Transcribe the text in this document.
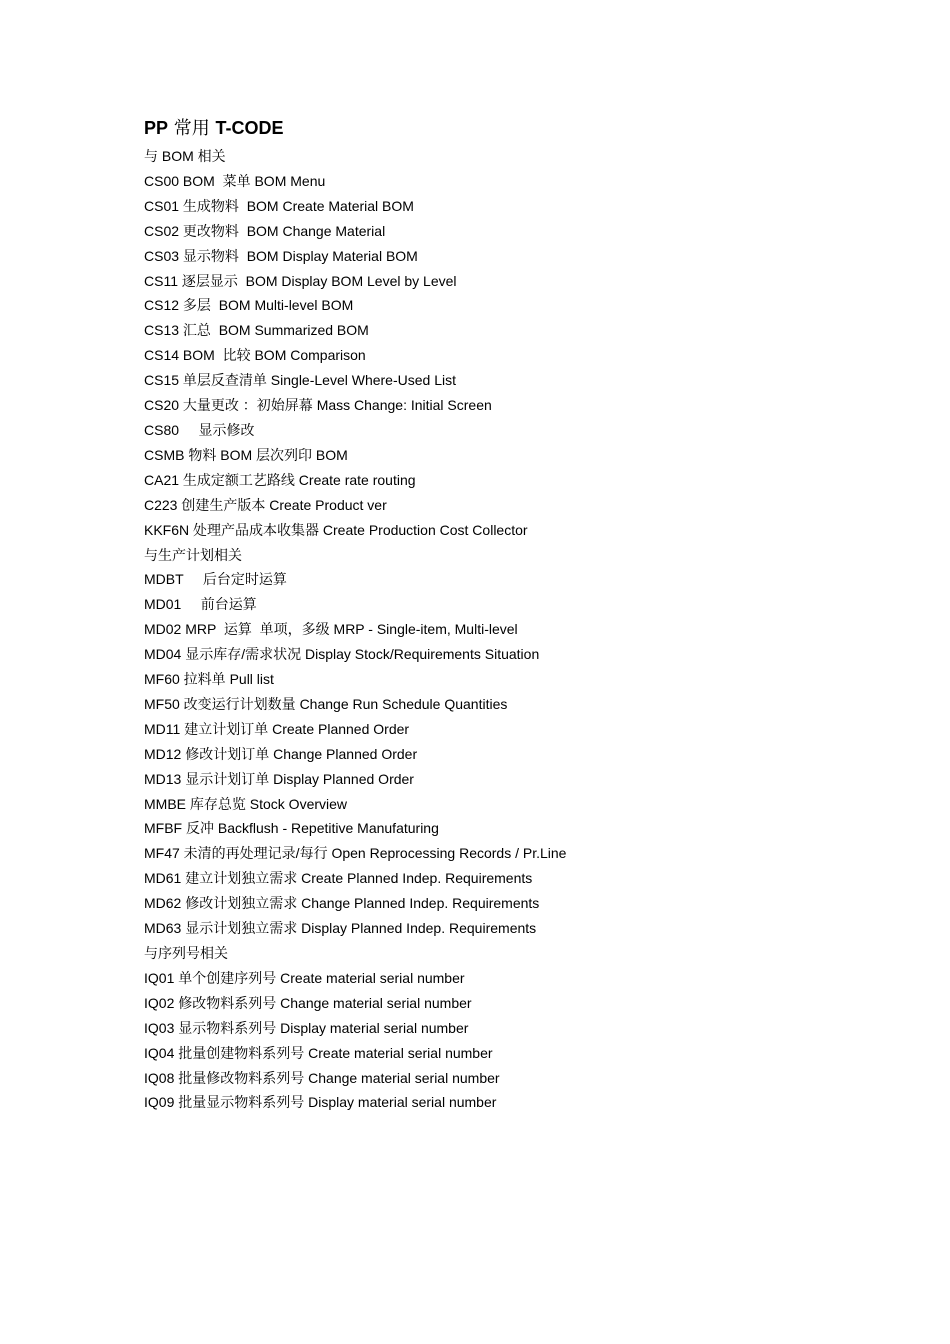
PP 常用 T-CODE
与 BOM 相关
CS00 BOM  菜单 BOM Menu
CS01 生成物料  BOM Create Material BOM
CS02 更改物料  BOM Change Material
CS03 显示物料  BOM Display Material BOM
CS11 逐层显示  BOM Display BOM Level by Level
CS12 多层  BOM Multi-level BOM
CS13 汇总  BOM Summarized BOM
CS14 BOM  比较 BOM Comparison
CS15 单层反查清单 Single-Level Where-Used List
CS20 大量更改 ：初始屏幕 Mass Change: Initial Screen
CS80     显示修改
CSMB 物料 BOM 层次列印 BOM
CA21 生成定额工艺路线 Create rate routing
C223 创建生产版本 Create Product ver
KKF6N 处理产品成本收集器 Create Production Cost Collector
与生产计划相关
MDBT     后台定时运算
MD01     前台运算
MD02 MRP  运算  单项，多级 MRP - Single-item, Multi-level
MD04 显示库存/需求状况 Display Stock/Requirements Situation
MF60 拉料单 Pull list
MF50 改变运行计划数量 Change Run Schedule Quantities
MD11 建立计划订单 Create Planned Order
MD12 修改计划订单 Change Planned Order
MD13 显示计划订单 Display Planned Order
MMBE 库存总览 Stock Overview
MFBF 反冲 Backflush - Repetitive Manufaturing
MF47 未清的再处理记录/每行 Open Reprocessing Records / Pr.Line
MD61 建立计划独立需求 Create Planned Indep. Requirements
MD62 修改计划独立需求 Change Planned Indep. Requirements
MD63 显示计划独立需求 Display Planned Indep. Requirements
与序列号相关
IQ01 单个创建序列号 Create material serial number
IQ02 修改物料系列号 Change material serial number
IQ03 显示物料系列号 Display material serial number
IQ04 批量创建物料系列号 Create material serial number
IQ08 批量修改物料系列号 Change material serial number
IQ09 批量显示物料系列号 Display material serial number
